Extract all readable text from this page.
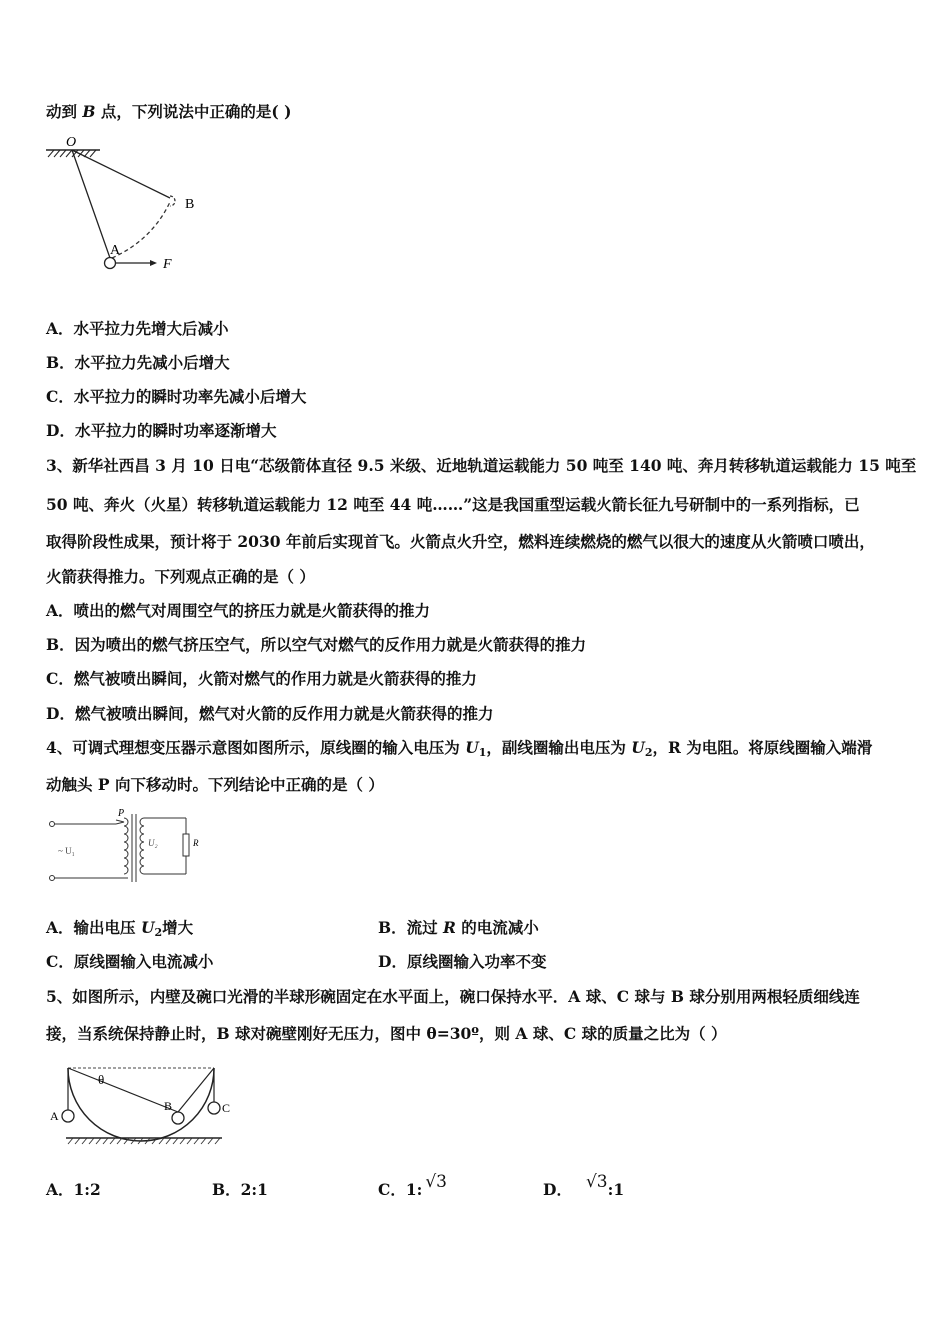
动到 B 点，下列说法中正确的是( )
O
B
A
F
A．水平拉力先增大后减小
B．水平拉力先减小后增大
C．水平拉力的瞬时功率先减小后增大
D．水平拉力的瞬时功率逐渐增大
3、新华社西昌 3 月 10 日电“芯级箭体直径 9.5 米级、近地轨道运载能力 50 吨至 140 吨、奔月转移轨道运载能力 15 吨至
50 吨、奔火（火星）转移轨道运载能力 12 吨至 44 吨……”这是我国重型运载火箭长征九号研制中的一系列指标，已
取得阶段性成果，预计将于 2030 年前后实现首飞。火箭点火升空，燃料连续燃烧的燃气以很大的速度从火箭喷口喷出，
火箭获得推力。下列观点正确的是（ ）
A．喷出的燃气对周围空气的挤压力就是火箭获得的推力
B．因为喷出的燃气挤压空气，所以空气对燃气的反作用力就是火箭获得的推力
C．燃气被喷出瞬间，火箭对燃气的作用力就是火箭获得的推力
D．燃气被喷出瞬间，燃气对火箭的反作用力就是火箭获得的推力
4、可调式理想变压器示意图如图所示，原线圈的输入电压为 $U_1$，副线圈输出电压为 $U_2$，R 为电阻。将原线圈输入端滑
动触头 P 向下移动时。下列结论中正确的是（ ）
P
~ U₁
U₂	R
A．输出电压 $U_2$增大	B．流过 R 的电流减小
C．原线圈输入电流减小	D．原线圈输入功率不变
5、如图所示，内壁及碗口光滑的半球形碗固定在水平面上，碗口保持水平．A 球、C 球与 B 球分别用两根轻质细线连
接，当系统保持静止时，B 球对碗壁刚好无压力，图中 θ=30º，则 A 球、C 球的质量之比为（ ）
θ
A
B	C
A．1:2	B．2:1	C．1: √3	D． √3:1
